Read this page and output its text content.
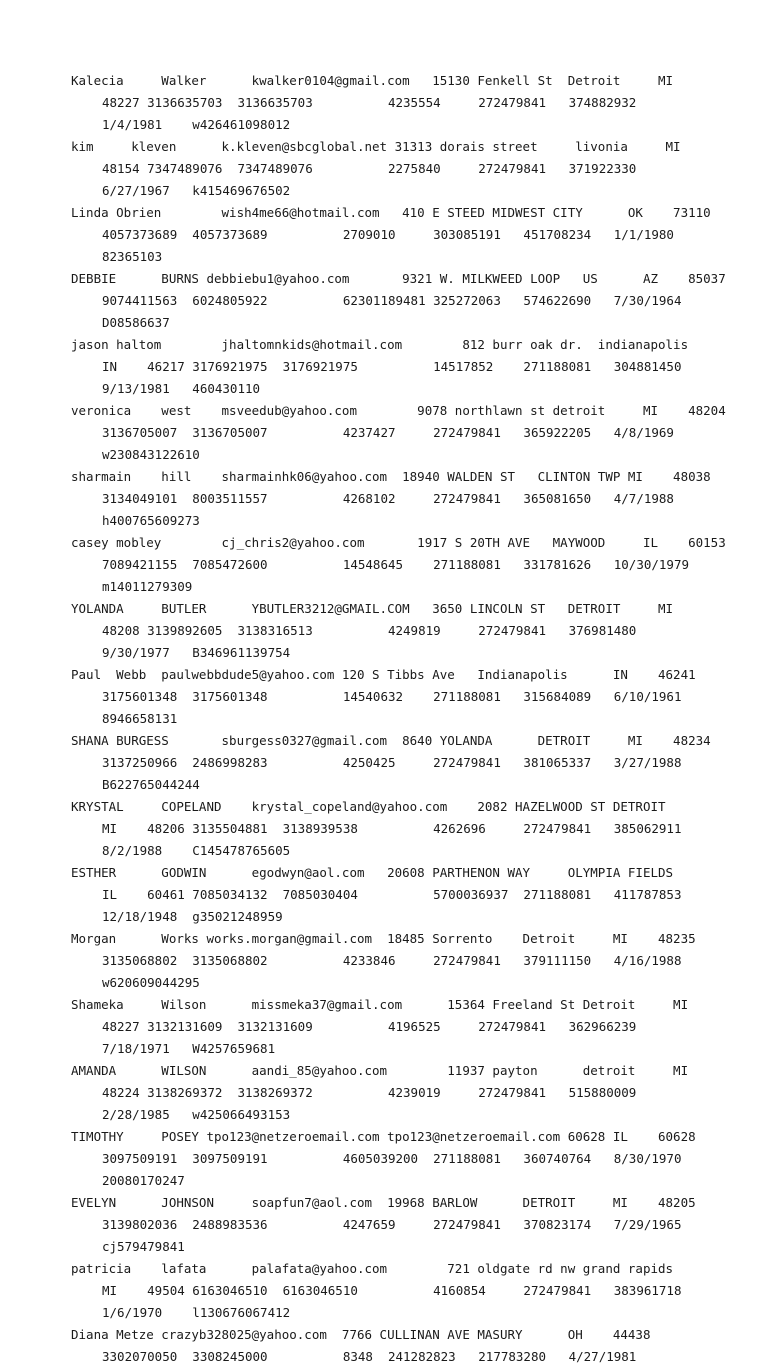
Kalecia     Walker      kwalker0104@gmail.com   15130 Fenkell St  Detroit     MI
48227 3136635703  3136635703          4235554     272479841   374882932
1/4/1981    w426461098012
kim     kleven      k.kleven@sbcglobal.net 31313 dorais street     livonia     MI
48154 7347489076  7347489076          2275840     272479841   371922330
6/27/1967   k415469676502
Linda Obrien        wish4me66@hotmail.com   410 E STEED MIDWEST CITY      OK    73110
4057373689  4057373689          2709010     303085191   451708234   1/1/1980
82365103
DEBBIE      BURNS debbiebu1@yahoo.com       9321 W. MILKWEED LOOP   US      AZ    85037
9074411563  6024805922          62301189481 325272063   574622690   7/30/1964
D08586637
jason haltom        jhaltomnkids@hotmail.com        812 burr oak dr.  indianapolis
IN    46217 3176921975  3176921975          14517852    271188081   304881450
9/13/1981   460430110
veronica    west    msveedub@yahoo.com        9078 northlawn st detroit     MI    48204
3136705007  3136705007          4237427     272479841   365922205   4/8/1969
w230843122610
sharmain    hill    sharmainhk06@yahoo.com  18940 WALDEN ST   CLINTON TWP MI    48038
3134049101  8003511557          4268102     272479841   365081650   4/7/1988
h400765609273
casey mobley        cj_chris2@yahoo.com       1917 S 20TH AVE   MAYWOOD     IL    60153
7089421155  7085472600          14548645    271188081   331781626   10/30/1979
m14011279309
YOLANDA     BUTLER      YBUTLER3212@GMAIL.COM   3650 LINCOLN ST   DETROIT     MI
48208 3139892605  3138316513          4249819     272479841   376981480
9/30/1977   B346961139754
Paul  Webb  paulwebbdude5@yahoo.com 120 S Tibbs Ave   Indianapolis      IN    46241
3175601348  3175601348          14540632    271188081   315684089   6/10/1961
8946658131
SHANA BURGESS       sburgess0327@gmail.com  8640 YOLANDA      DETROIT     MI    48234
3137250966  2486998283          4250425     272479841   381065337   3/27/1988
B622765044244
KRYSTAL     COPELAND    krystal_copeland@yahoo.com    2082 HAZELWOOD ST DETROIT
MI    48206 3135504881  3138939538          4262696     272479841   385062911
8/2/1988    C145478765605
ESTHER      GODWIN      egodwyn@aol.com   20608 PARTHENON WAY     OLYMPIA FIELDS
IL    60461 7085034132  7085030404          5700036937  271188081   411787853
12/18/1948  g35021248959
Morgan      Works works.morgan@gmail.com  18485 Sorrento    Detroit     MI    48235
3135068802  3135068802          4233846     272479841   379111150   4/16/1988
w620609044295
Shameka     Wilson      missmeka37@gmail.com      15364 Freeland St Detroit     MI
48227 3132131609  3132131609          4196525     272479841   362966239
7/18/1971   W4257659681
AMANDA      WILSON      aandi_85@yahoo.com        11937 payton      detroit     MI
48224 3138269372  3138269372          4239019     272479841   515880009
2/28/1985   w425066493153
TIMOTHY     POSEY tpo123@netzeroemail.com tpo123@netzeroemail.com 60628 IL    60628
3097509191  3097509191          4605039200  271188081   360740764   8/30/1970
20080170247
EVELYN      JOHNSON     soapfun7@aol.com  19968 BARLOW      DETROIT     MI    48205
3139802036  2488983536          4247659     272479841   370823174   7/29/1965
cj579479841
patricia    lafata      palafata@yahoo.com        721 oldgate rd nw grand rapids
MI    49504 6163046510  6163046510          4160854     272479841   383961718
1/6/1970    l130676067412
Diana Metze crazyb328025@yahoo.com  7766 CULLINAN AVE MASURY      OH    44438
3302070050  3308245000          8348  241282823   217783280   4/27/1981
